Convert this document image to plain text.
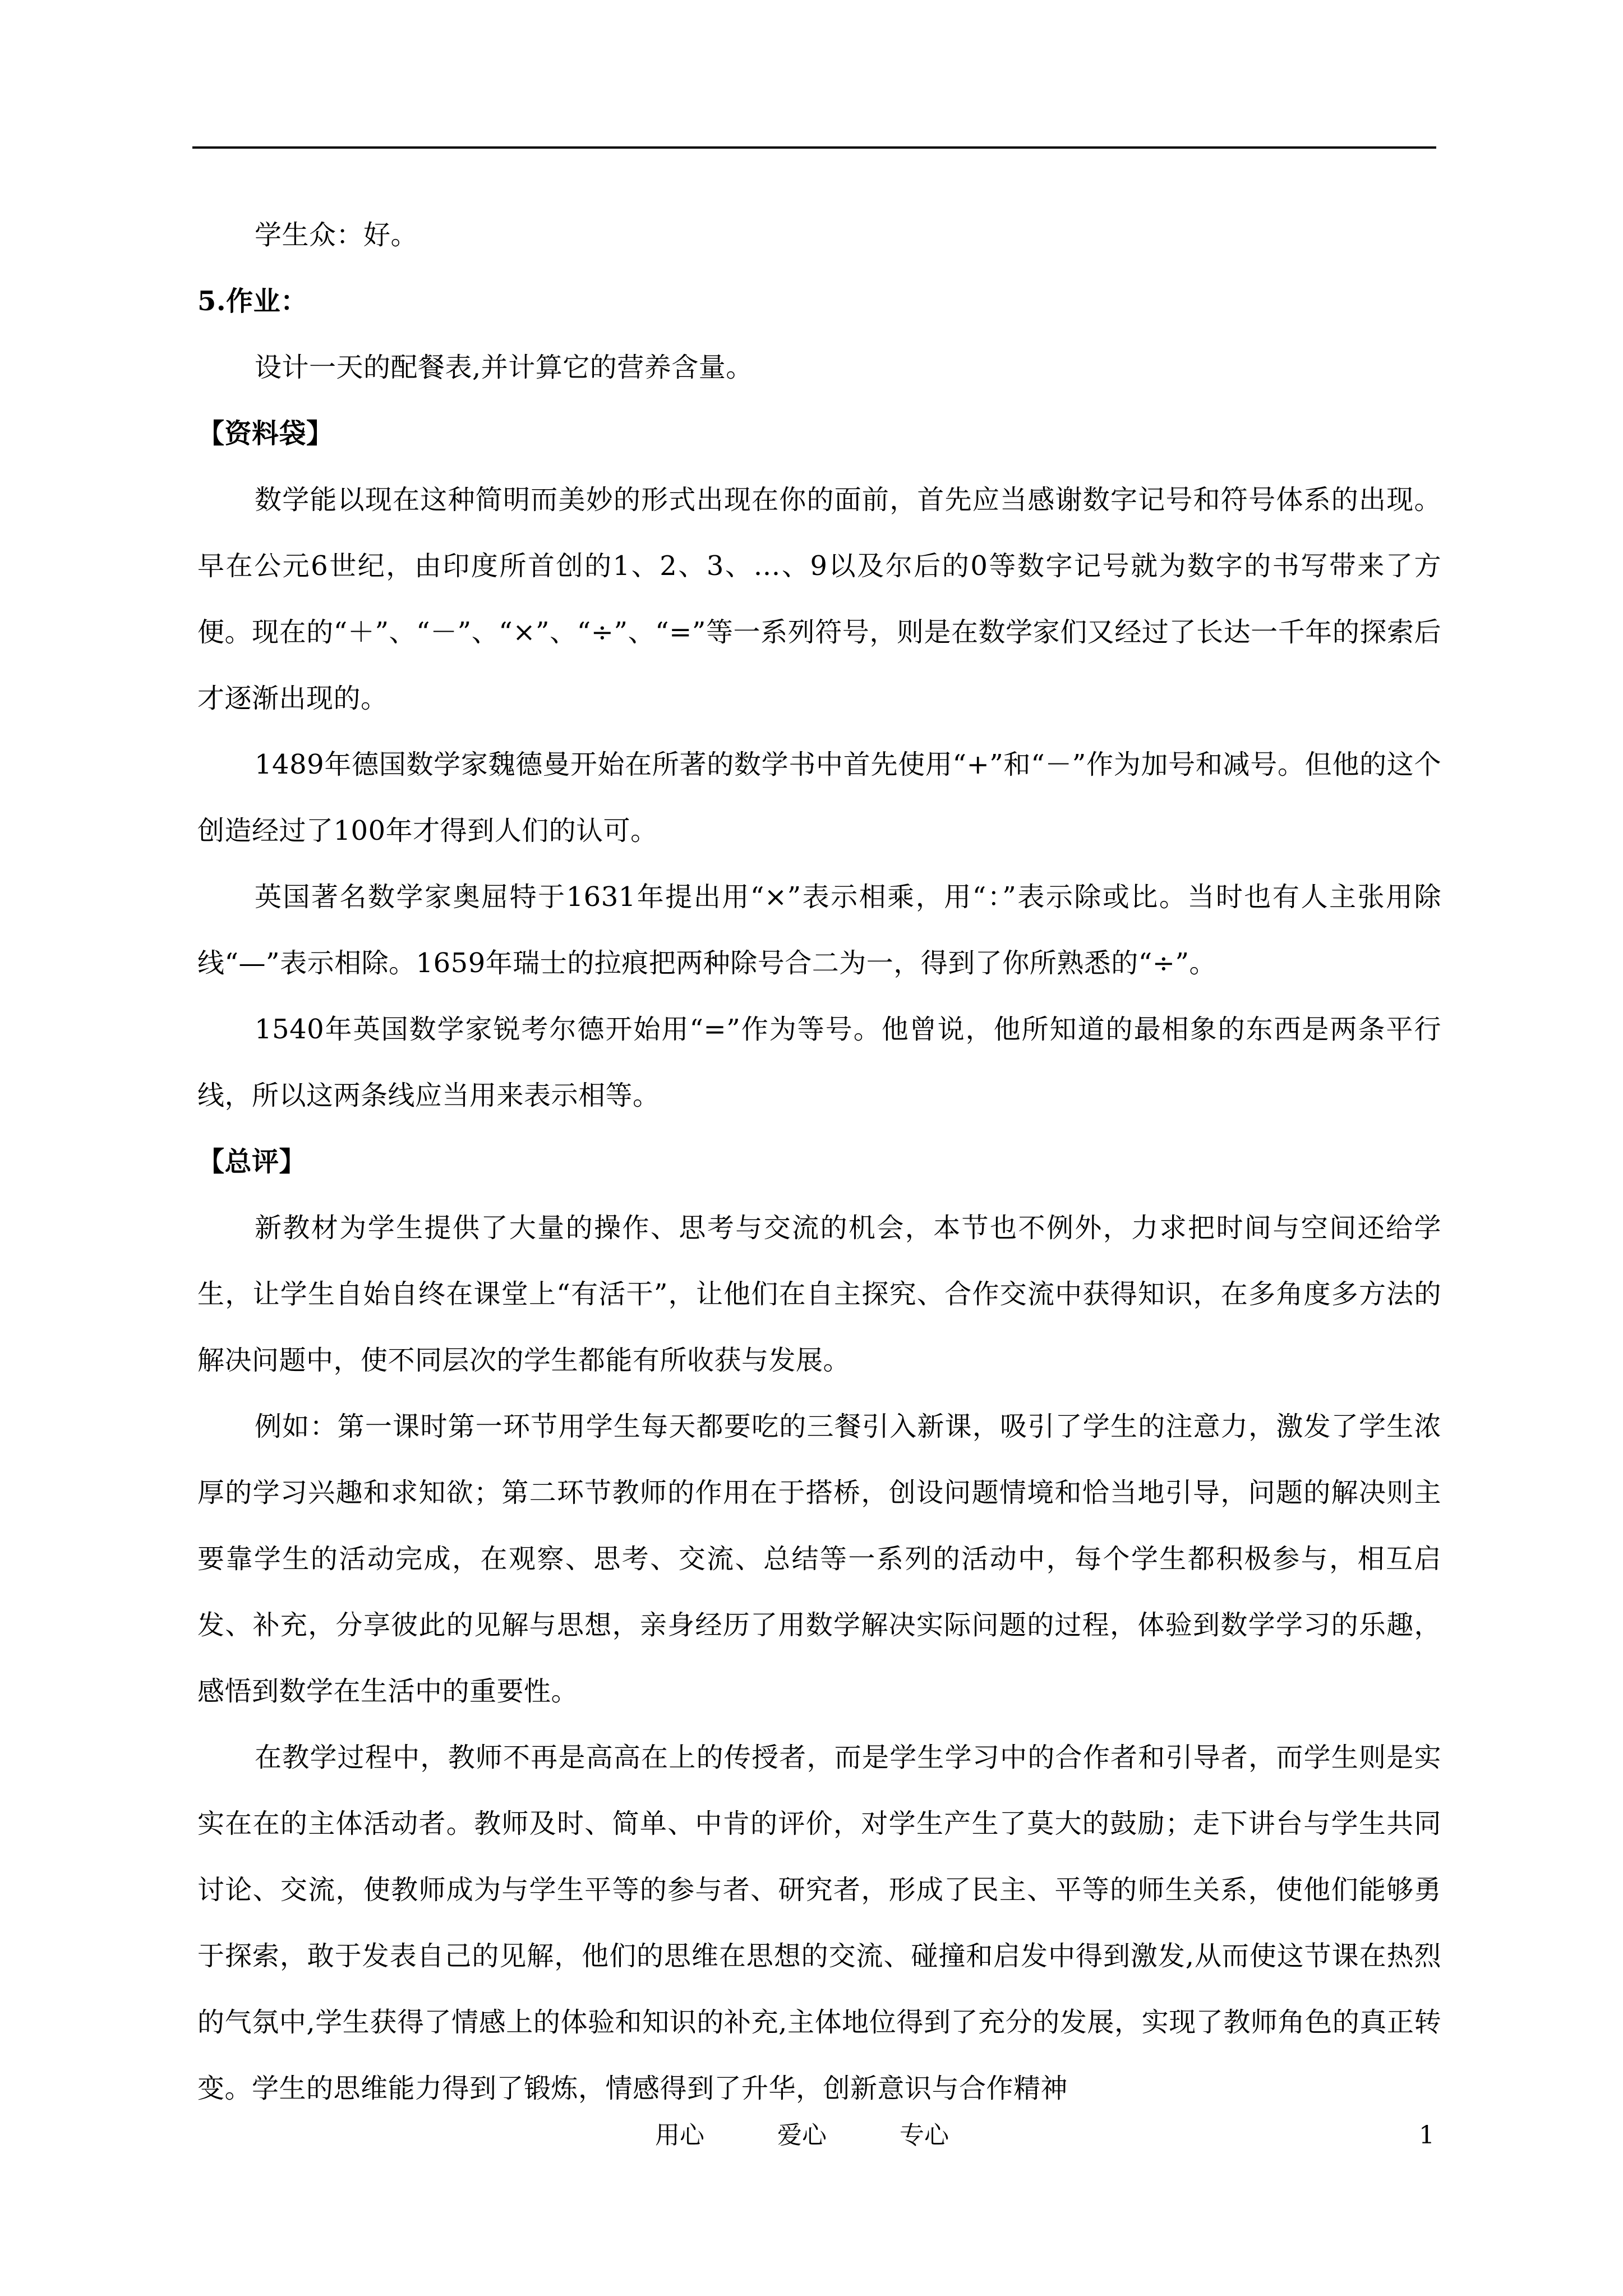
学生众：好。

5.作业：

设计一天的配餐表,并计算它的营养含量。

【资料袋】

数学能以现在这种简明而美妙的形式出现在你的面前，首先应当感谢数字记号和符号体系的出现。早在公元6世纪，由印度所首创的1、2、3、…、9以及尔后的0等数字记号就为数字的书写带来了方便。现在的“＋”、“－”、“×”、“÷”、“=”等一系列符号，则是在数学家们又经过了长达一千年的探索后才逐渐出现的。

1489年德国数学家魏德曼开始在所著的数学书中首先使用“+”和“－”作为加号和减号。但他的这个创造经过了100年才得到人们的认可。

英国著名数学家奥屈特于1631年提出用“×”表示相乘，用“：”表示除或比。当时也有人主张用除线“—”表示相除。1659年瑞士的拉痕把两种除号合二为一，得到了你所熟悉的“÷”。

1540年英国数学家锐考尔德开始用“=”作为等号。他曾说，他所知道的最相象的东西是两条平行线，所以这两条线应当用来表示相等。

【总评】

新教材为学生提供了大量的操作、思考与交流的机会，本节也不例外，力求把时间与空间还给学生，让学生自始自终在课堂上“有活干”，让他们在自主探究、合作交流中获得知识，在多角度多方法的解决问题中，使不同层次的学生都能有所收获与发展。

例如：第一课时第一环节用学生每天都要吃的三餐引入新课，吸引了学生的注意力，激发了学生浓厚的学习兴趣和求知欲；第二环节教师的作用在于搭桥，创设问题情境和恰当地引导，问题的解决则主要靠学生的活动完成，在观察、思考、交流、总结等一系列的活动中，每个学生都积极参与，相互启发、补充，分享彼此的见解与思想，亲身经历了用数学解决实际问题的过程，体验到数学学习的乐趣，感悟到数学在生活中的重要性。

在教学过程中，教师不再是高高在上的传授者，而是学生学习中的合作者和引导者，而学生则是实实在在的主体活动者。教师及时、简单、中肯的评价，对学生产生了莫大的鼓励；走下讲台与学生共同讨论、交流，使教师成为与学生平等的参与者、研究者，形成了民主、平等的师生关系，使他们能够勇于探索，敢于发表自己的见解，他们的思维在思想的交流、碰撞和启发中得到激发,从而使这节课在热烈的气氛中,学生获得了情感上的体验和知识的补充,主体地位得到了充分的发展，实现了教师角色的真正转变。学生的思维能力得到了锻炼，情感得到了升华，创新意识与合作精神

用心	爱心	专心	1
